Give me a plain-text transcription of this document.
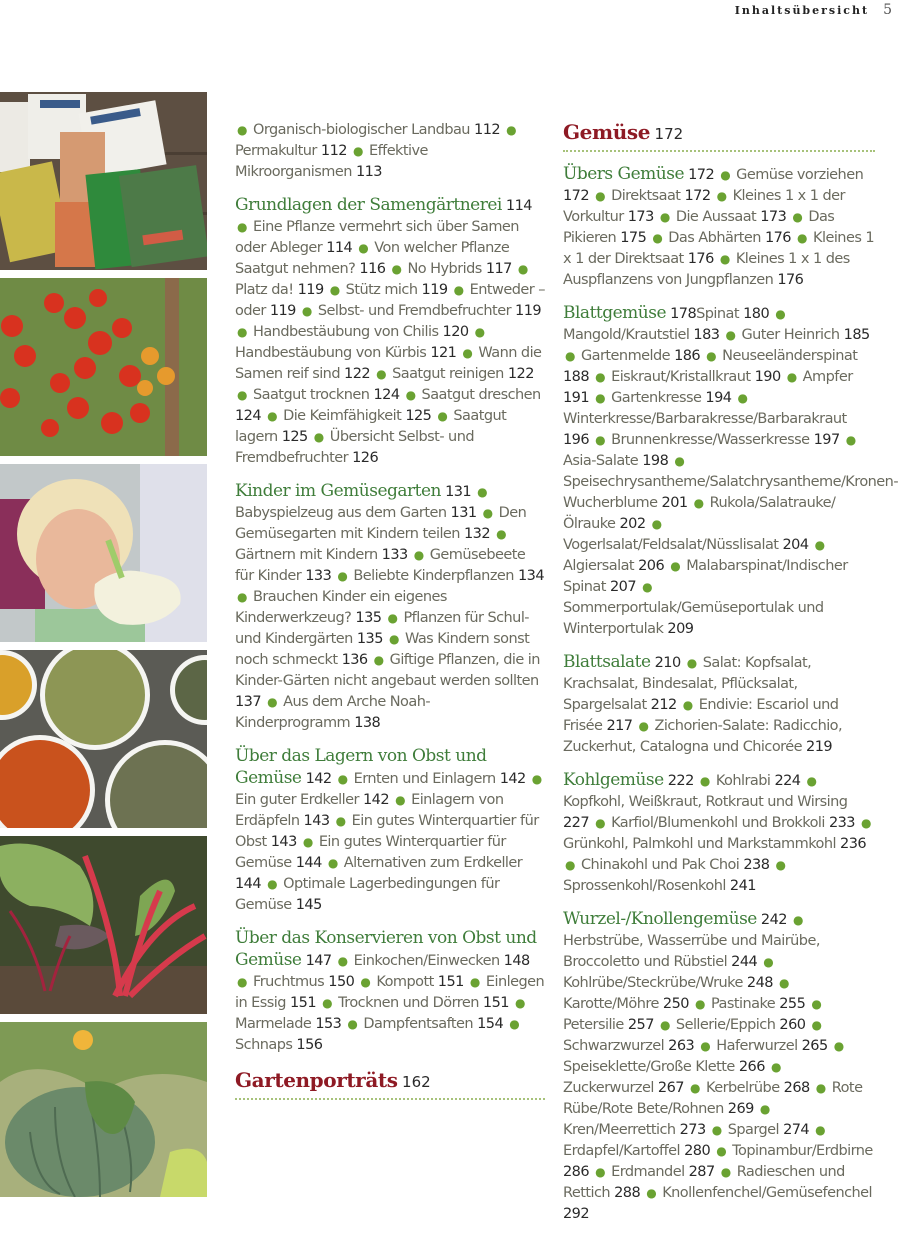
Inhaltsübersicht 5

● Organisch-biologischer Landbau 112 ● Permakultur 112 ● Effektive Mikroorganismen 113

Grundlagen der Samengärtnerei 114 ● Eine Pflanze vermehrt sich über Samen oder Ableger 114 ● Von welcher Pflanze Saatgut nehmen? 116 ● No Hybrids 117 ● Platz da! 119 ● Stütz mich 119 ● Entweder – oder 119 ● Selbst- und Fremdbefruchter 119 ● Handbestäubung von Chilis 120 ● Handbestäubung von Kürbis 121 ● Wann die Samen reif sind 122 ● Saatgut reinigen 122 ● Saatgut trocknen 124 ● Saatgut dreschen 124 ● Die Keimfähigkeit 125 ● Saatgut lagern 125 ● Übersicht Selbst- und Fremdbefruchter 126

Kinder im Gemüsegarten 131 ● Babyspielzeug aus dem Garten 131 ● Den Gemüsegarten mit Kindern teilen 132 ● Gärtnern mit Kindern 133 ● Gemüsebeete für Kinder 133 ● Beliebte Kinderpflanzen 134 ● Brauchen Kinder ein eigenes Kinderwerkzeug? 135 ● Pflanzen für Schul- und Kindergärten 135 ● Was Kindern sonst noch schmeckt 136 ● Giftige Pflanzen, die in Kinder-Gärten nicht angebaut werden sollten 137 ● Aus dem Arche Noah-Kinderprogramm 138

Über das Lagern von Obst und Gemüse 142 ● Ernten und Einlagern 142 ● Ein guter Erdkeller 142 ● Einlagern von Erdäpfeln 143 ● Ein gutes Winterquartier für Obst 143 ● Ein gutes Winterquartier für Gemüse 144 ● Alternativen zum Erdkeller 144 ● Optimale Lagerbedingungen für Gemüse 145

Über das Konservieren von Obst und Gemüse 147 ● Einkochen/Einwecken 148 ● Fruchtmus 150 ● Kompott 151 ● Einlegen in Essig 151 ● Trocknen und Dörren 151 ● Marmelade 153 ● Dampfentsaften 154 ● Schnaps 156

Gartenporträts 162
Gemüse 172

Übers Gemüse 172 ● Gemüse vorziehen 172 ● Direktsaat 172 ● Kleines 1 x 1 der Vorkultur 173 ● Die Aussaat 173 ● Das Pikieren 175 ● Das Abhärten 176 ● Kleines 1 x 1 der Direktsaat 176 ● Kleines 1 x 1 des Auspflanzens von Jungpflanzen 176

Blattgemüse 178Spinat 180 ● Mangold/Krautstiel 183 ● Guter Heinrich 185 ● Gartenmelde 186 ● Neuseeländerspinat 188 ● Eiskraut/Kristallkraut 190 ● Ampfer 191 ● Gartenkresse 194 ● Winterkresse/Barbarakresse/Barbarakraut 196 ● Brunnenkresse/Wasserkresse 197 ● Asia-Salate 198 ● Speisechrysantheme/Salatchrysantheme/Kronen-Wucherblume 201 ● Rukola/Salatrauke/Ölrauke 202 ● Vogerlsalat/Feldsalat/Nüsslisalat 204 ● Algiersalat 206 ● Malabarspinat/Indischer Spinat 207 ● Sommerportulak/Gemüseportulak und Winterportulak 209

Blattsalate 210 ● Salat: Kopfsalat, Krachsalat, Bindesalat, Pflücksalat, Spargelsalat 212 ● Endivie: Escariol und Frisée 217 ● Zichorien-Salate: Radicchio, Zuckerhut, Catalogna und Chicorée 219

Kohlgemüse 222 ● Kohlrabi 224 ● Kopfkohl, Weißkraut, Rotkraut und Wirsing 227 ● Karfiol/Blumenkohl und Brokkoli 233 ● Grünkohl, Palmkohl und Markstammkohl 236 ● Chinakohl und Pak Choi 238 ● Sprossenkohl/Rosenkohl 241

Wurzel-/Knollengemüse 242 ● Herbstrübe, Wasserrübe und Mairübe, Broccoletto und Rübstiel 244 ● Kohlrübe/Steckrübe/Wruke 248 ● Karotte/Möhre 250 ● Pastinake 255 ● Petersilie 257 ● Sellerie/Eppich 260 ● Schwarzwurzel 263 ● Haferwurzel 265 ● Speiseklette/Große Klette 266 ● Zuckerwurzel 267 ● Kerbelrübe 268 ● Rote Rübe/Rote Bete/Rohnen 269 ● Kren/Meerrettich 273 ● Spargel 274 ● Erdapfel/Kartoffel 280 ● Topinambur/Erdbirne 286 ● Erdmandel 287 ● Radieschen und Rettich 288 ● Knollenfenchel/Gemüsefenchel 292
